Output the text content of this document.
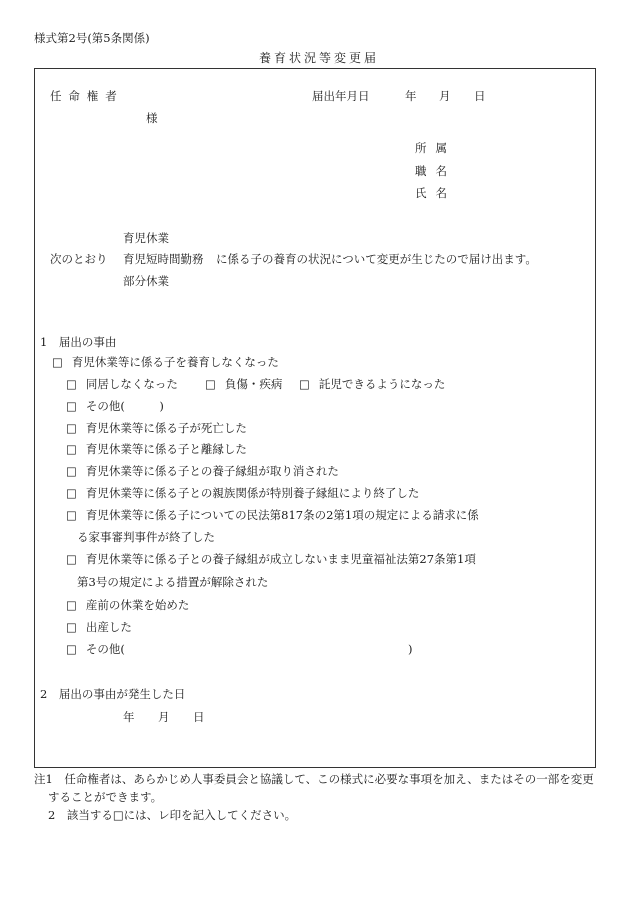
様式第2号(第5条関係)
養育状況等変更届
任命権者
様
届出年月日	年 月 日
所属
職名
氏名
育児休業
次のとおり 育児短時間勤務 に係る子の養育の状況について変更が生じたので届け出ます。
部分休業
1　届出の事由
□ 育児休業等に係る子を養育しなくなった
□ 同居しなくなった □ 負傷・疾病 □ 託児できるようになった
□ その他(　　　)
□ 育児休業等に係る子が死亡した
□ 育児休業等に係る子と離縁した
□ 育児休業等に係る子との養子縁組が取り消された
□ 育児休業等に係る子との親族関係が特別養子縁組により終了した
□ 育児休業等に係る子についての民法第817条の2第1項の規定による請求に係
る家事審判事件が終了した
□ 育児休業等に係る子との養子縁組が成立しないまま児童福祉法第27条第1項
第3号の規定による措置が解除された
□ 産前の休業を始めた
□ 出産した
□ その他(	)
2　届出の事由が発生した日
年 月 日
注1　任命権者は、あらかじめ人事委員会と協議して、この様式に必要な事項を加え、またはその一部を変更
することができます。
2　該当する□には、レ印を記入してください。
